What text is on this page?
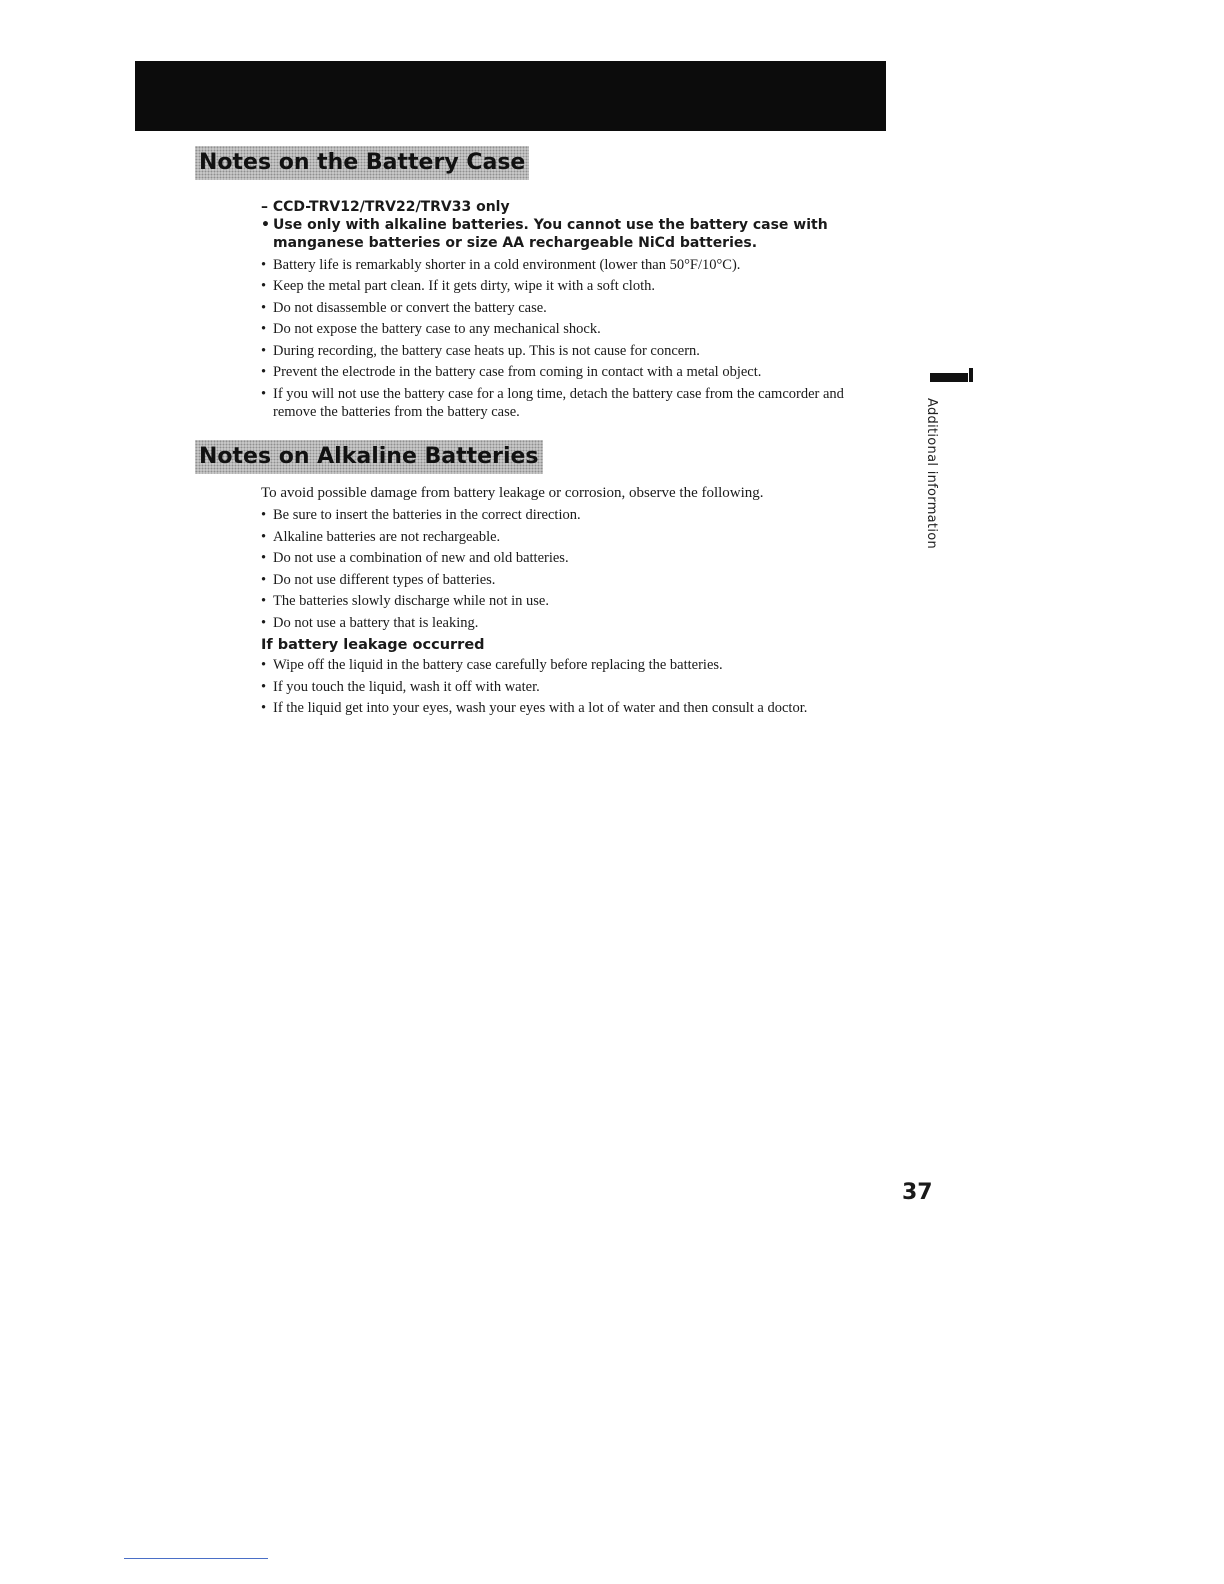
Notes on the Battery Case

– CCD-TRV12/TRV22/TRV33 only

• Use only with alkaline batteries. You cannot use the battery case with manganese batteries or size AA rechargeable NiCd batteries.
• Battery life is remarkably shorter in a cold environment (lower than 50°F/10°C).
• Keep the metal part clean. If it gets dirty, wipe it with a soft cloth.
• Do not disassemble or convert the battery case.
• Do not expose the battery case to any mechanical shock.
• During recording, the battery case heats up. This is not cause for concern.
• Prevent the electrode in the battery case from coming in contact with a metal object.
• If you will not use the battery case for a long time, detach the battery case from the camcorder and remove the batteries from the battery case.
Notes on Alkaline Batteries

To avoid possible damage from battery leakage or corrosion, observe the following.

• Be sure to insert the batteries in the correct direction.
• Alkaline batteries are not rechargeable.
• Do not use a combination of new and old batteries.
• Do not use different types of batteries.
• The batteries slowly discharge while not in use.
• Do not use a battery that is leaking.

If battery leakage occurred

• Wipe off the liquid in the battery case carefully before replacing the batteries.
• If you touch the liquid, wash it off with water.
• If the liquid get into your eyes, wash your eyes with a lot of water and then consult a doctor.
Additional information
37
